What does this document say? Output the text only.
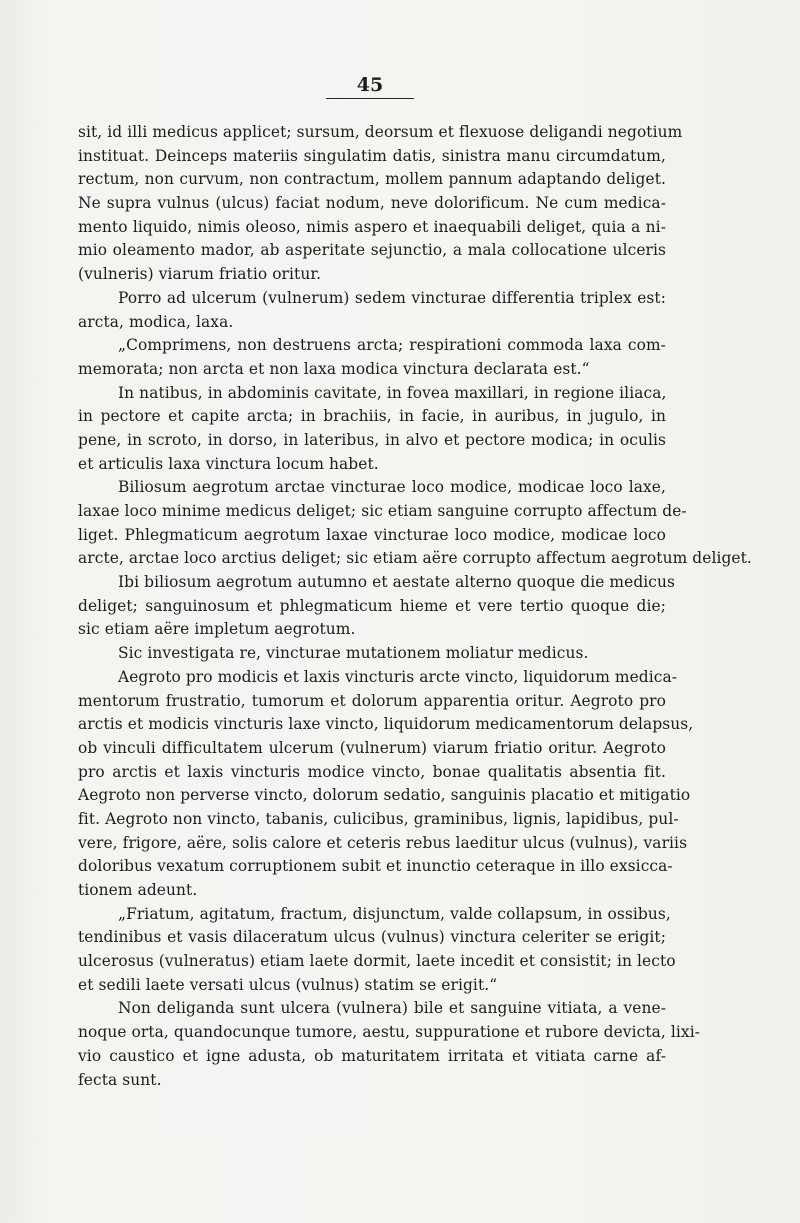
45
sit, id illi medicus applicet; sursum, deorsum et flexuose deligandi negotium
instituat. Deinceps materiis singulatim datis, sinistra manu circumdatum,
rectum, non curvum, non contractum, mollem pannum adaptando deliget.
Ne supra vulnus (ulcus) faciat nodum, neve dolorificum. Ne cum medica-
mento liquido, nimis oleoso, nimis aspero et inaequabili deliget, quia a ni-
mio oleamento mador, ab asperitate sejunctio, a mala collocatione ulceris
(vulneris) viarum friatio oritur.
Porro ad ulcerum (vulnerum) sedem vincturae differentia triplex est:
arcta, modica, laxa.
„Comprimens, non destruens arcta; respirationi commoda laxa com-
memorata; non arcta et non laxa modica vinctura declarata est.“
In natibus, in abdominis cavitate, in fovea maxillari, in regione iliaca,
in pectore et capite arcta; in brachiis, in facie, in auribus, in jugulo, in
pene, in scroto, in dorso, in lateribus, in alvo et pectore modica; in oculis
et articulis laxa vinctura locum habet.
Biliosum aegrotum arctae vincturae loco modice, modicae loco laxe,
laxae loco minime medicus deliget; sic etiam sanguine corrupto affectum de-
liget. Phlegmaticum aegrotum laxae vincturae loco modice, modicae loco
arcte, arctae loco arctius deliget; sic etiam aëre corrupto affectum aegrotum deliget.
Ibi biliosum aegrotum autumno et aestate alterno quoque die medicus
deliget; sanguinosum et phlegmaticum hieme et vere tertio quoque die;
sic etiam aëre impletum aegrotum.
Sic investigata re, vincturae mutationem moliatur medicus.
Aegroto pro modicis et laxis vincturis arcte vincto, liquidorum medica-
mentorum frustratio, tumorum et dolorum apparentia oritur. Aegroto pro
arctis et modicis vincturis laxe vincto, liquidorum medicamentorum delapsus,
ob vinculi difficultatem ulcerum (vulnerum) viarum friatio oritur. Aegroto
pro arctis et laxis vincturis modice vincto, bonae qualitatis absentia fit.
Aegroto non perverse vincto, dolorum sedatio, sanguinis placatio et mitigatio
fit. Aegroto non vincto, tabanis, culicibus, graminibus, lignis, lapidibus, pul-
vere, frigore, aëre, solis calore et ceteris rebus laeditur ulcus (vulnus), variis
doloribus vexatum corruptionem subit et inunctio ceteraque in illo exsicca-
tionem adeunt.
„Friatum, agitatum, fractum, disjunctum, valde collapsum, in ossibus,
tendinibus et vasis dilaceratum ulcus (vulnus) vinctura celeriter se erigit;
ulcerosus (vulneratus) etiam laete dormit, laete incedit et consistit; in lecto
et sedili laete versati ulcus (vulnus) statim se erigit.“
Non deliganda sunt ulcera (vulnera) bile et sanguine vitiata, a vene-
noque orta, quandocunque tumore, aestu, suppuratione et rubore devicta, lixi-
vio caustico et igne adusta, ob maturitatem irritata et vitiata carne af-
fecta sunt.
